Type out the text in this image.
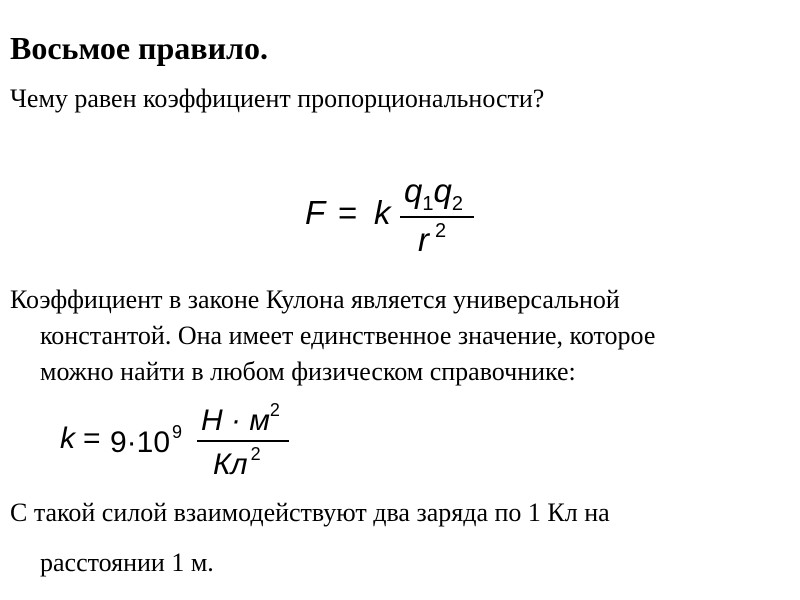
Восьмое правило.
Чему равен коэффициент пропорциональности?
F = k
$q_1q_2$
r $^2$
Коэффициент в законе Кулона является универсальной
константой. Она имеет единственное значение, которое
можно найти в любом физическом справочнике:
k = 9·10 $^9$ $Н \cdot м^2$
Кл $^2$
С такой силой взаимодействуют два заряда по 1 Кл на
расстоянии 1 м.
